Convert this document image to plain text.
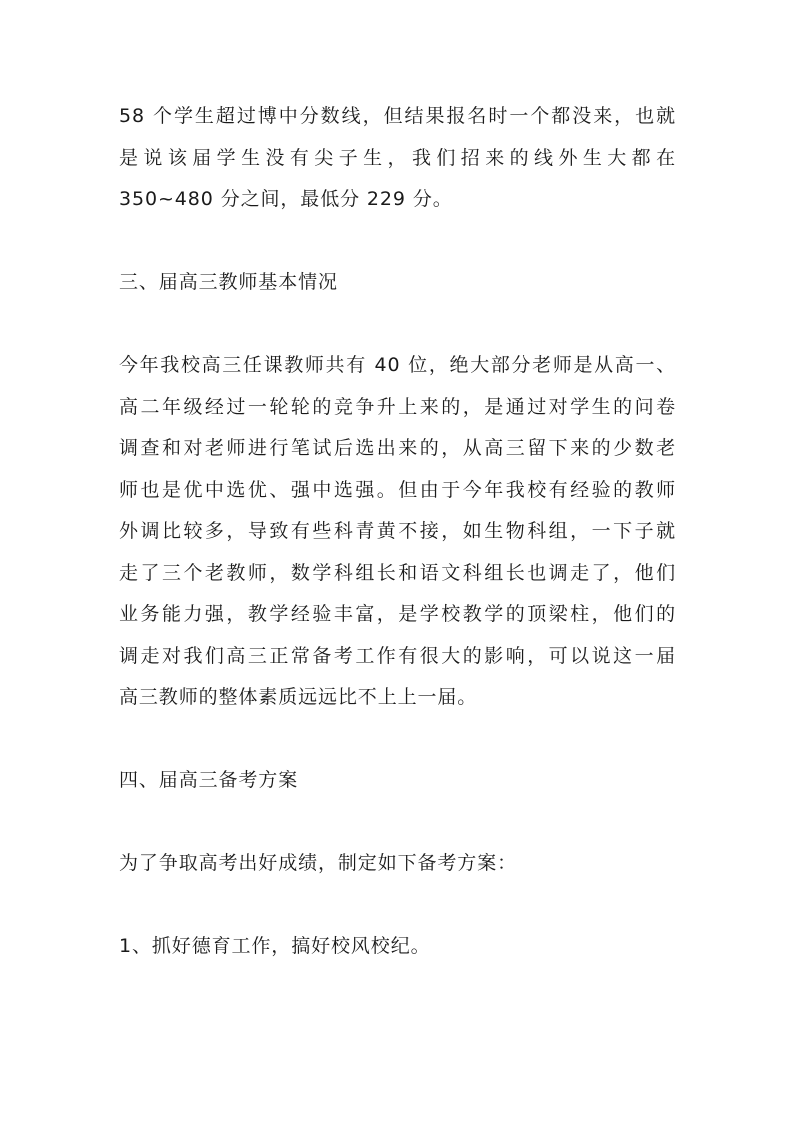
58 个学生超过博中分数线，但结果报名时一个都没来，也就
是说该届学生没有尖子生，我们招来的线外生大都在
350~480 分之间，最低分 229 分。

三、届高三教师基本情况

今年我校高三任课教师共有 40 位，绝大部分老师是从高一、
高二年级经过一轮轮的竞争升上来的，是通过对学生的问卷
调查和对老师进行笔试后选出来的，从高三留下来的少数老
师也是优中选优、强中选强。但由于今年我校有经验的教师
外调比较多，导致有些科青黄不接，如生物科组，一下子就
走了三个老教师，数学科组长和语文科组长也调走了，他们
业务能力强，教学经验丰富，是学校教学的顶梁柱，他们的
调走对我们高三正常备考工作有很大的影响，可以说这一届
高三教师的整体素质远远比不上上一届。

四、届高三备考方案

为了争取高考出好成绩，制定如下备考方案：

1、抓好德育工作，搞好校风校纪。
